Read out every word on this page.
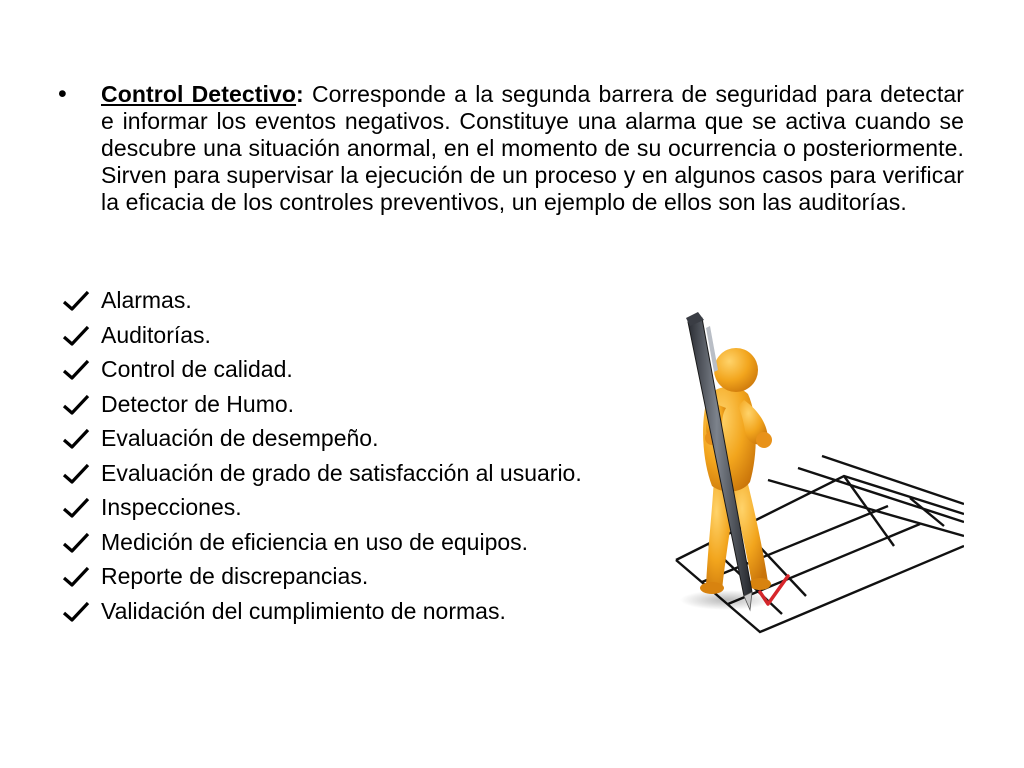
• Control Detectivo: Corresponde a la segunda barrera de seguridad para detectar e informar los eventos negativos. Constituye una alarma que se activa cuando se descubre una situación anormal, en el momento de su ocurrencia o posteriormente. Sirven para supervisar la ejecución de un proceso y en algunos casos para verificar la eficacia de los controles preventivos, un ejemplo de ellos son las auditorías.
Alarmas.
Auditorías.
Control de calidad.
Detector de Humo.
Evaluación de desempeño.
Evaluación de grado de satisfacción al usuario.
Inspecciones.
Medición de eficiencia en uso de equipos.
Reporte de discrepancias.
Validación del cumplimiento de normas.
